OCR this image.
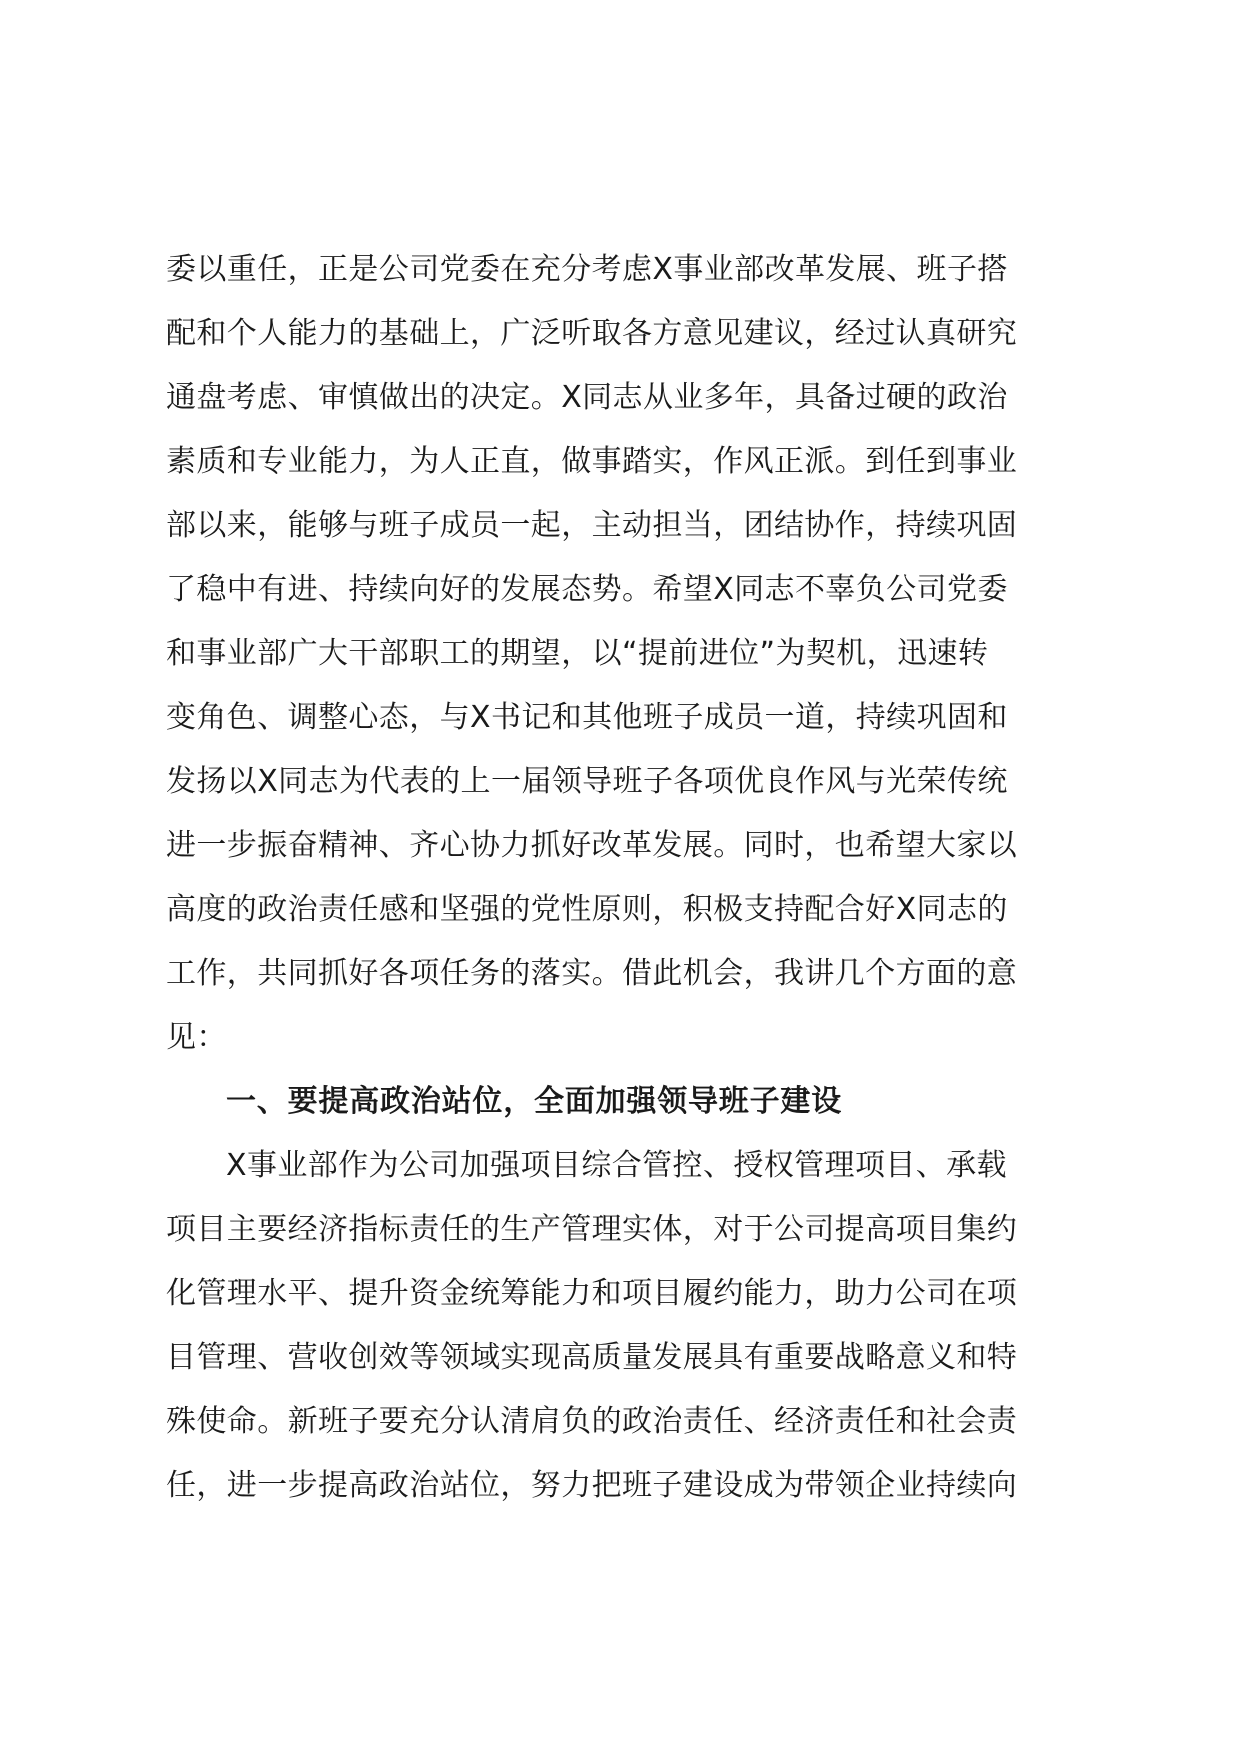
委以重任，正是公司党委在充分考虑X事业部改革发展、班子搭
配和个人能力的基础上，广泛听取各方意见建议，经过认真研究
通盘考虑、审慎做出的决定。X同志从业多年，具备过硬的政治
素质和专业能力，为人正直，做事踏实，作风正派。到任到事业
部以来，能够与班子成员一起，主动担当，团结协作，持续巩固
了稳中有进、持续向好的发展态势。希望X同志不辜负公司党委
和事业部广大干部职工的期望，以“提前进位”为契机，迅速转
变角色、调整心态，与X书记和其他班子成员一道，持续巩固和
发扬以X同志为代表的上一届领导班子各项优良作风与光荣传统
进一步振奋精神、齐心协力抓好改革发展。同时，也希望大家以
高度的政治责任感和坚强的党性原则，积极支持配合好X同志的
工作，共同抓好各项任务的落实。借此机会，我讲几个方面的意
见：
一、要提高政治站位，全面加强领导班子建设
X事业部作为公司加强项目综合管控、授权管理项目、承载
项目主要经济指标责任的生产管理实体，对于公司提高项目集约
化管理水平、提升资金统筹能力和项目履约能力，助力公司在项
目管理、营收创效等领域实现高质量发展具有重要战略意义和特
殊使命。新班子要充分认清肩负的政治责任、经济责任和社会责
任，进一步提高政治站位，努力把班子建设成为带领企业持续向
